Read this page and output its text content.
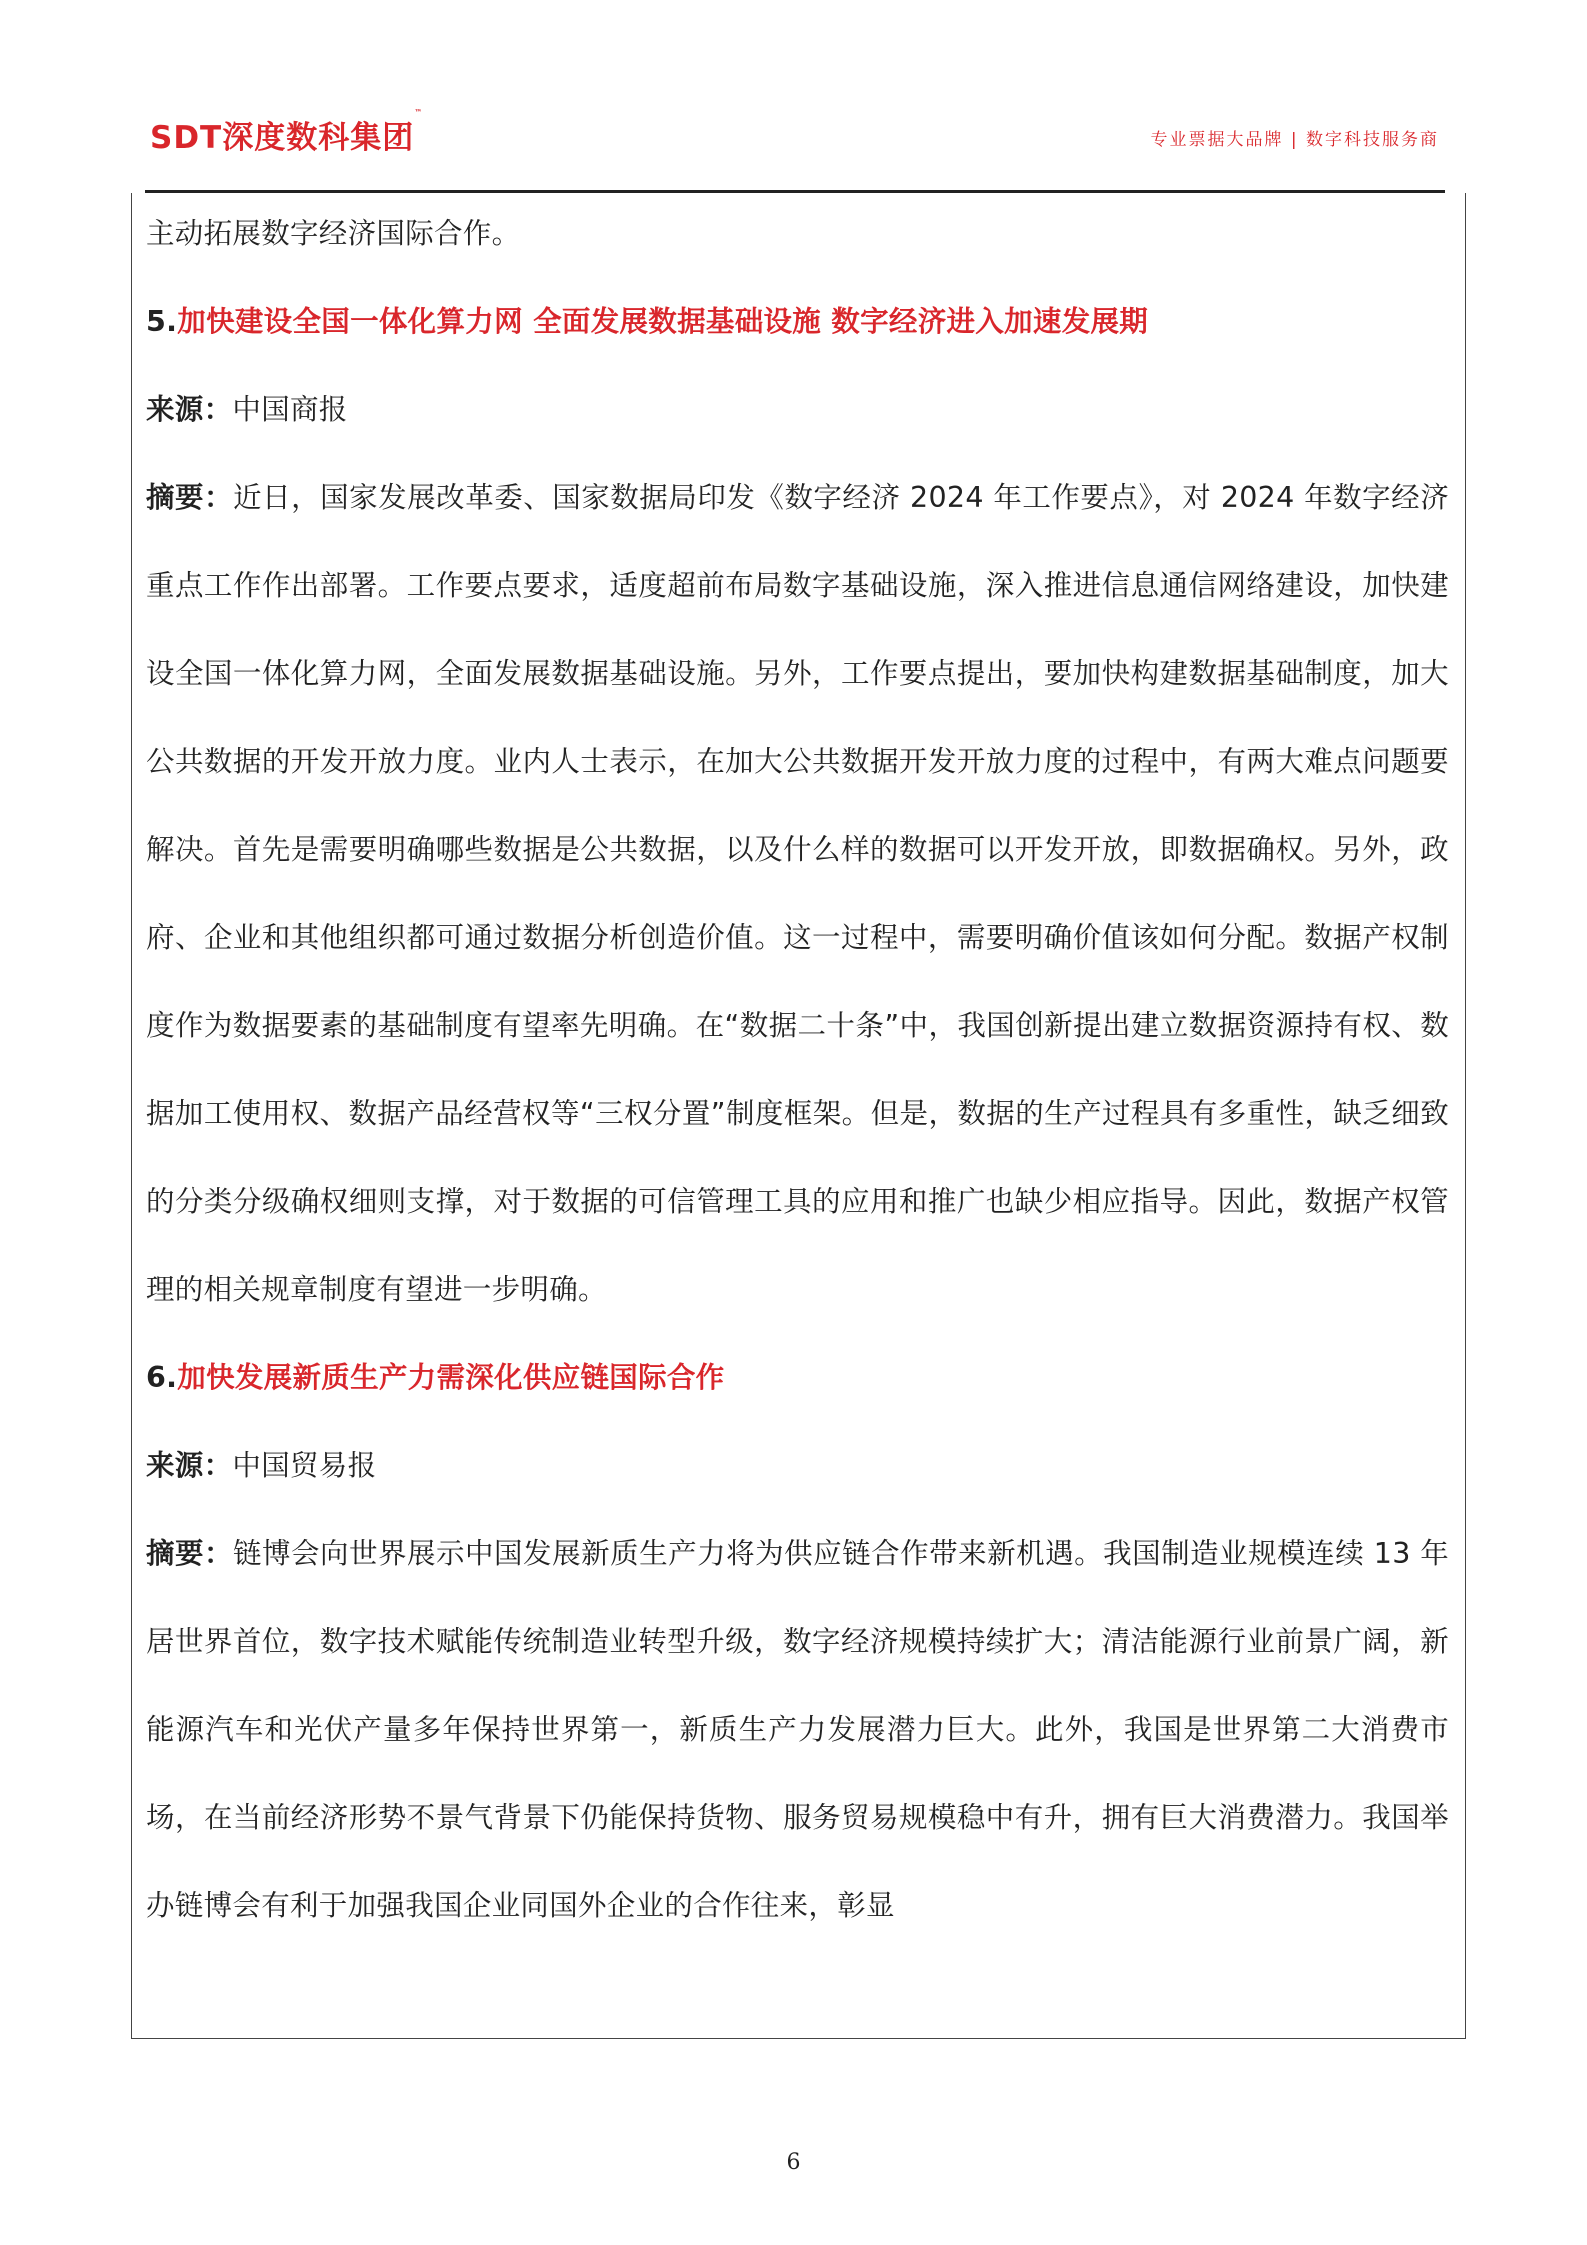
SDT深度数科集团
™
专业票据大品牌 | 数字科技服务商

主动拓展数字经济国际合作。

5.加快建设全国一体化算力网 全面发展数据基础设施 数字经济进入加速发展期

来源：中国商报

摘要：近日，国家发展改革委、国家数据局印发《数字经济 2024 年工作要点》，对 2024 年数字经济重点工作作出部署。工作要点要求，适度超前布局数字基础设施，深入推进信息通信网络建设，加快建设全国一体化算力网，全面发展数据基础设施。另外，工作要点提出，要加快构建数据基础制度，加大公共数据的开发开放力度。业内人士表示，在加大公共数据开发开放力度的过程中，有两大难点问题要解决。首先是需要明确哪些数据是公共数据，以及什么样的数据可以开发开放，即数据确权。另外，政府、企业和其他组织都可通过数据分析创造价值。这一过程中，需要明确价值该如何分配。数据产权制度作为数据要素的基础制度有望率先明确。在“数据二十条”中，我国创新提出建立数据资源持有权、数据加工使用权、数据产品经营权等“三权分置”制度框架。但是，数据的生产过程具有多重性，缺乏细致的分类分级确权细则支撑，对于数据的可信管理工具的应用和推广也缺少相应指导。因此，数据产权管理的相关规章制度有望进一步明确。

6.加快发展新质生产力需深化供应链国际合作

来源：中国贸易报

摘要：链博会向世界展示中国发展新质生产力将为供应链合作带来新机遇。我国制造业规模连续 13 年居世界首位，数字技术赋能传统制造业转型升级，数字经济规模持续扩大；清洁能源行业前景广阔，新能源汽车和光伏产量多年保持世界第一，新质生产力发展潜力巨大。此外，我国是世界第二大消费市场，在当前经济形势不景气背景下仍能保持货物、服务贸易规模稳中有升，拥有巨大消费潜力。我国举办链博会有利于加强我国企业同国外企业的合作往来，彰显

6
